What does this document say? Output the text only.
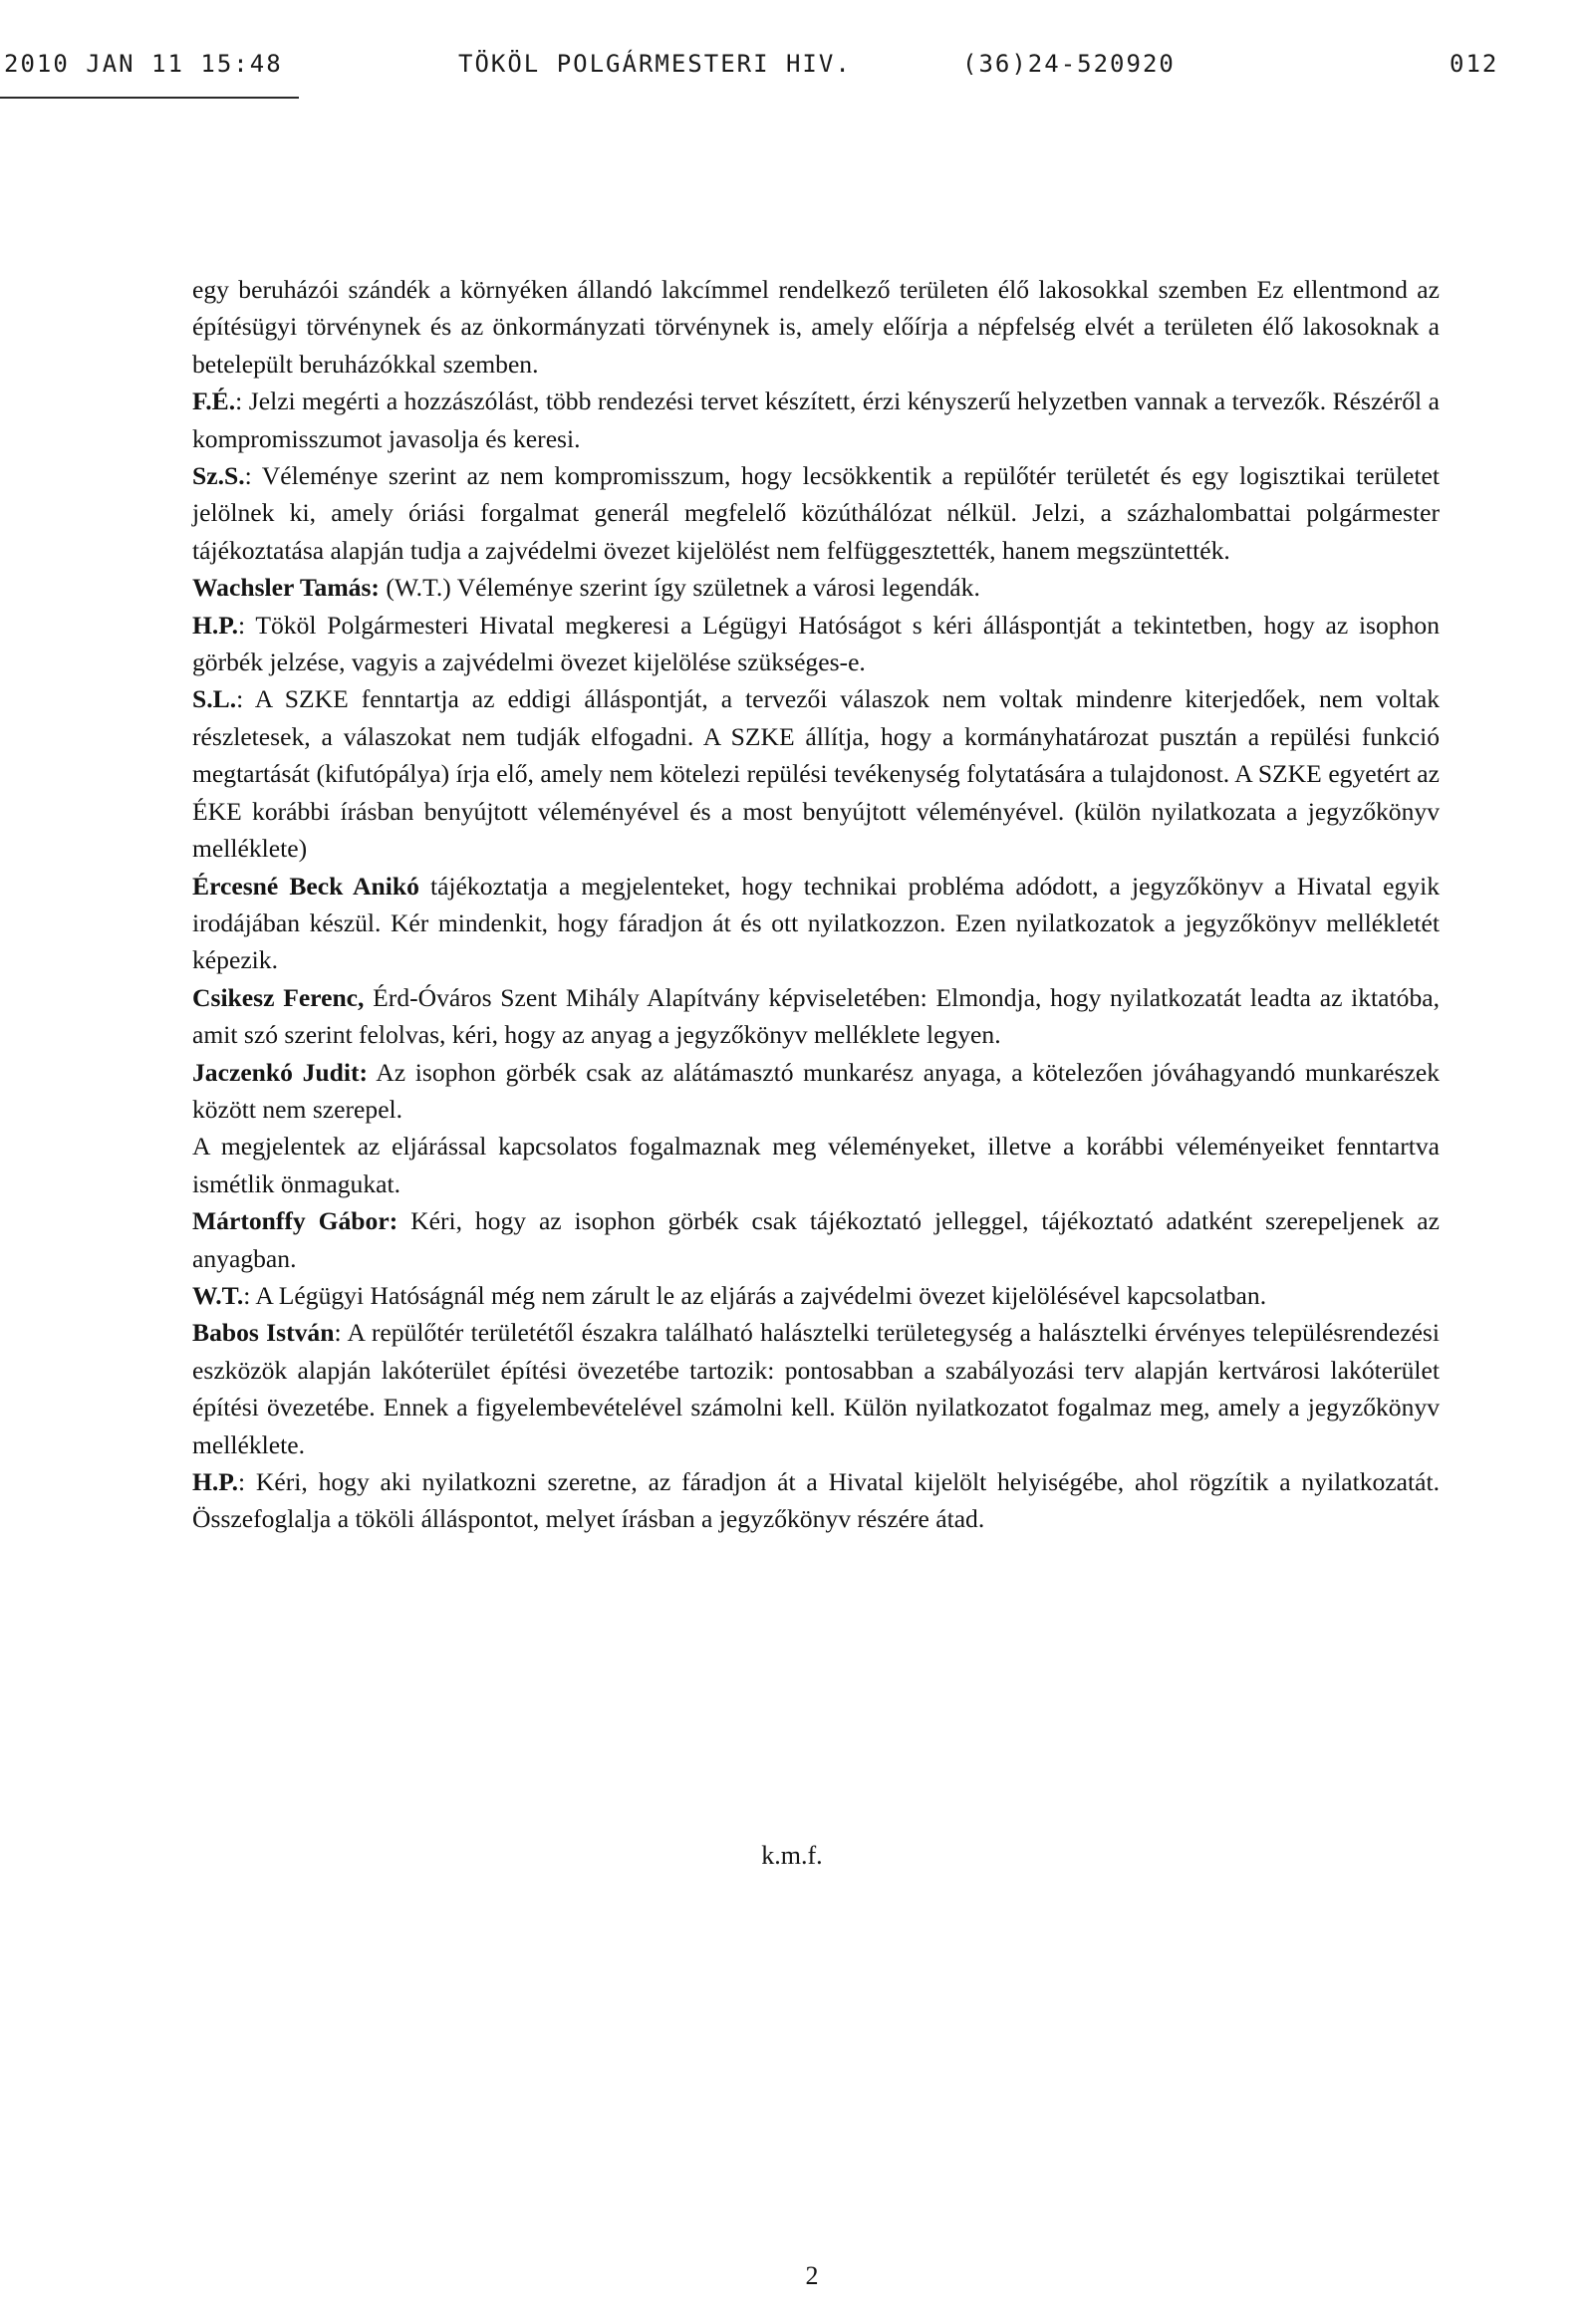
2010 JAN 11 15:48	TÖKÖL POLGÁRMESTERI HIV.	(36)24-520920	012

egy beruházói szándék a környéken állandó lakcímmel rendelkező területen élő lakosokkal szemben Ez ellentmond az építésügyi törvénynek és az önkormányzati törvénynek is, amely előírja a népfelség elvét a területen élő lakosoknak a betelepült beruházókkal szemben.

F.É.: Jelzi megérti a hozzászólást, több rendezési tervet készített, érzi kényszerű helyzetben vannak a tervezők. Részéről a kompromisszumot javasolja és keresi.

Sz.S.: Véleménye szerint az nem kompromisszum, hogy lecsökkentik a repülőtér területét és egy logisztikai területet jelölnek ki, amely óriási forgalmat generál megfelelő közúthálózat nélkül. Jelzi, a százhalombattai polgármester tájékoztatása alapján tudja a zajvédelmi övezet kijelölést nem felfüggesztették, hanem megszüntették.

Wachsler Tamás: (W.T.) Véleménye szerint így születnek a városi legendák.

H.P.: Tököl Polgármesteri Hivatal megkeresi a Légügyi Hatóságot s kéri álláspontját a tekintetben, hogy az isophon görbék jelzése, vagyis a zajvédelmi övezet kijelölése szükséges-e.

S.L.: A SZKE fenntartja az eddigi álláspontját, a tervezői válaszok nem voltak mindenre kiterjedőek, nem voltak részletesek, a válaszokat nem tudják elfogadni. A SZKE állítja, hogy a kormányhatározat pusztán a repülési funkció megtartását (kifutópálya) írja elő, amely nem kötelezi repülési tevékenység folytatására a tulajdonost. A SZKE egyetért az ÉKE korábbi írásban benyújtott véleményével és a most benyújtott véleményével. (külön nyilatkozata a jegyzőkönyv melléklete)

Ércesné Beck Anikó tájékoztatja a megjelenteket, hogy technikai probléma adódott, a jegyzőkönyv a Hivatal egyik irodájában készül. Kér mindenkit, hogy fáradjon át és ott nyilatkozzon. Ezen nyilatkozatok a jegyzőkönyv mellékletét képezik.

Csikesz Ferenc, Érd-Óváros Szent Mihály Alapítvány képviseletében: Elmondja, hogy nyilatkozatát leadta az iktatóba, amit szó szerint felolvas, kéri, hogy az anyag a jegyzőkönyv melléklete legyen.

Jaczenkó Judit: Az isophon görbék csak az alátámasztó munkarész anyaga, a kötelezően jóváhagyandó munkarészek között nem szerepel.

A megjelentek az eljárással kapcsolatos fogalmaznak meg véleményeket, illetve a korábbi véleményeiket fenntartva ismétlik önmagukat.

Mártonffy Gábor: Kéri, hogy az isophon görbék csak tájékoztató jelleggel, tájékoztató adatként szerepeljenek az anyagban.

W.T.: A Légügyi Hatóságnál még nem zárult le az eljárás a zajvédelmi övezet kijelölésével kapcsolatban.

Babos István: A repülőtér területétől északra található halásztelki területegység a halásztelki érvényes településrendezési eszközök alapján lakóterület építési övezetébe tartozik: pontosabban a szabályozási terv alapján kertvárosi lakóterület építési övezetébe. Ennek a figyelembevételével számolni kell. Külön nyilatkozatot fogalmaz meg, amely a jegyzőkönyv melléklete.

H.P.: Kéri, hogy aki nyilatkozni szeretne, az fáradjon át a Hivatal kijelölt helyiségébe, ahol rögzítik a nyilatkozatát. Összefoglalja a tököli álláspontot, melyet írásban a jegyzőkönyv részére átad.

k.m.f.
2
